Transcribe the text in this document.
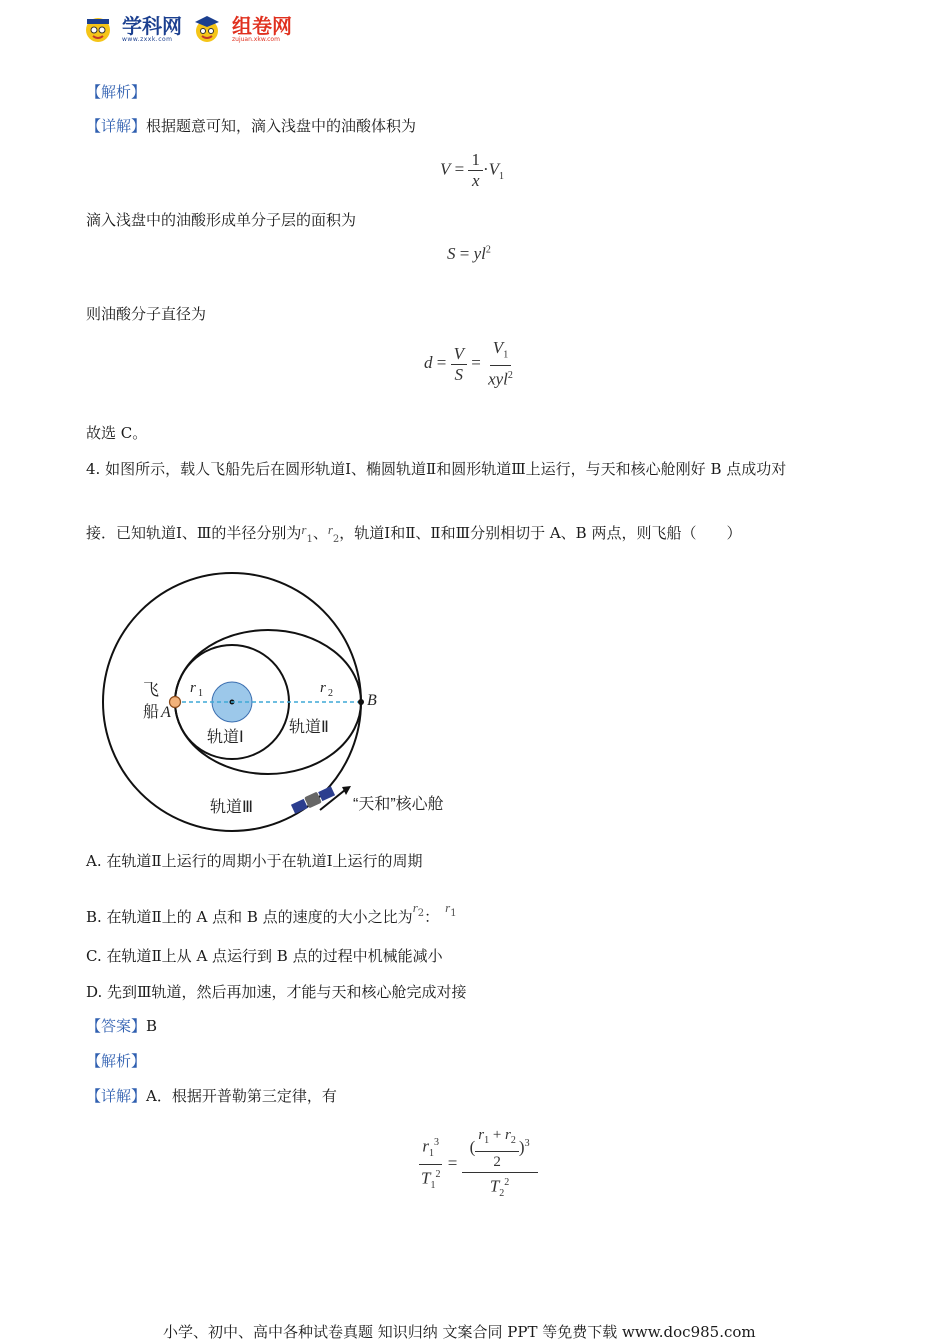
学科网
www.zxxk.com
组卷网
zujuan.xkw.com
【解析】
【详解】根据题意可知，滴入浅盘中的油酸体积为
$V = \frac{1}{x} \cdot V_1$
滴入浅盘中的油酸形成单分子层的面积为
$S = yl^2$
则油酸分子直径为
$d = \frac{V}{S} = \frac{V_1}{xyl^2}$
故选 C。
4. 如图所示，载人飞船先后在圆形轨道Ⅰ、椭圆轨道Ⅱ和圆形轨道Ⅲ上运行，与天和核心舱刚好 B 点成功对
接．已知轨道Ⅰ、Ⅲ的半径分别为$r_1$、$r_2$，轨道Ⅰ和Ⅱ、Ⅱ和Ⅲ分别相切于 A、B 两点，则飞船（　　）
飞
船 A
B
r 1	r 2
轨道Ⅰ
轨道Ⅱ
轨道Ⅲ	“天和”核心舱
A. 在轨道Ⅱ上运行的周期小于在轨道Ⅰ上运行的周期
B. 在轨道Ⅱ上的 A 点和 B 点的速度的大小之比为$r_2$：$r_1$
C. 在轨道Ⅱ上从 A 点运行到 B 点的过程中机械能减小
D. 先到Ⅲ轨道，然后再加速，才能与天和核心舱完成对接
【答案】B
【解析】
【详解】A．根据开普勒第三定律，有
$\frac{r_1^3}{T_1^2} = \frac{( \frac{r_1 + r_2}{2} )^3}{T_2^2}$
小学、初中、高中各种试卷真题 知识归纳 文案合同 PPT 等免费下载 www.doc985.com
